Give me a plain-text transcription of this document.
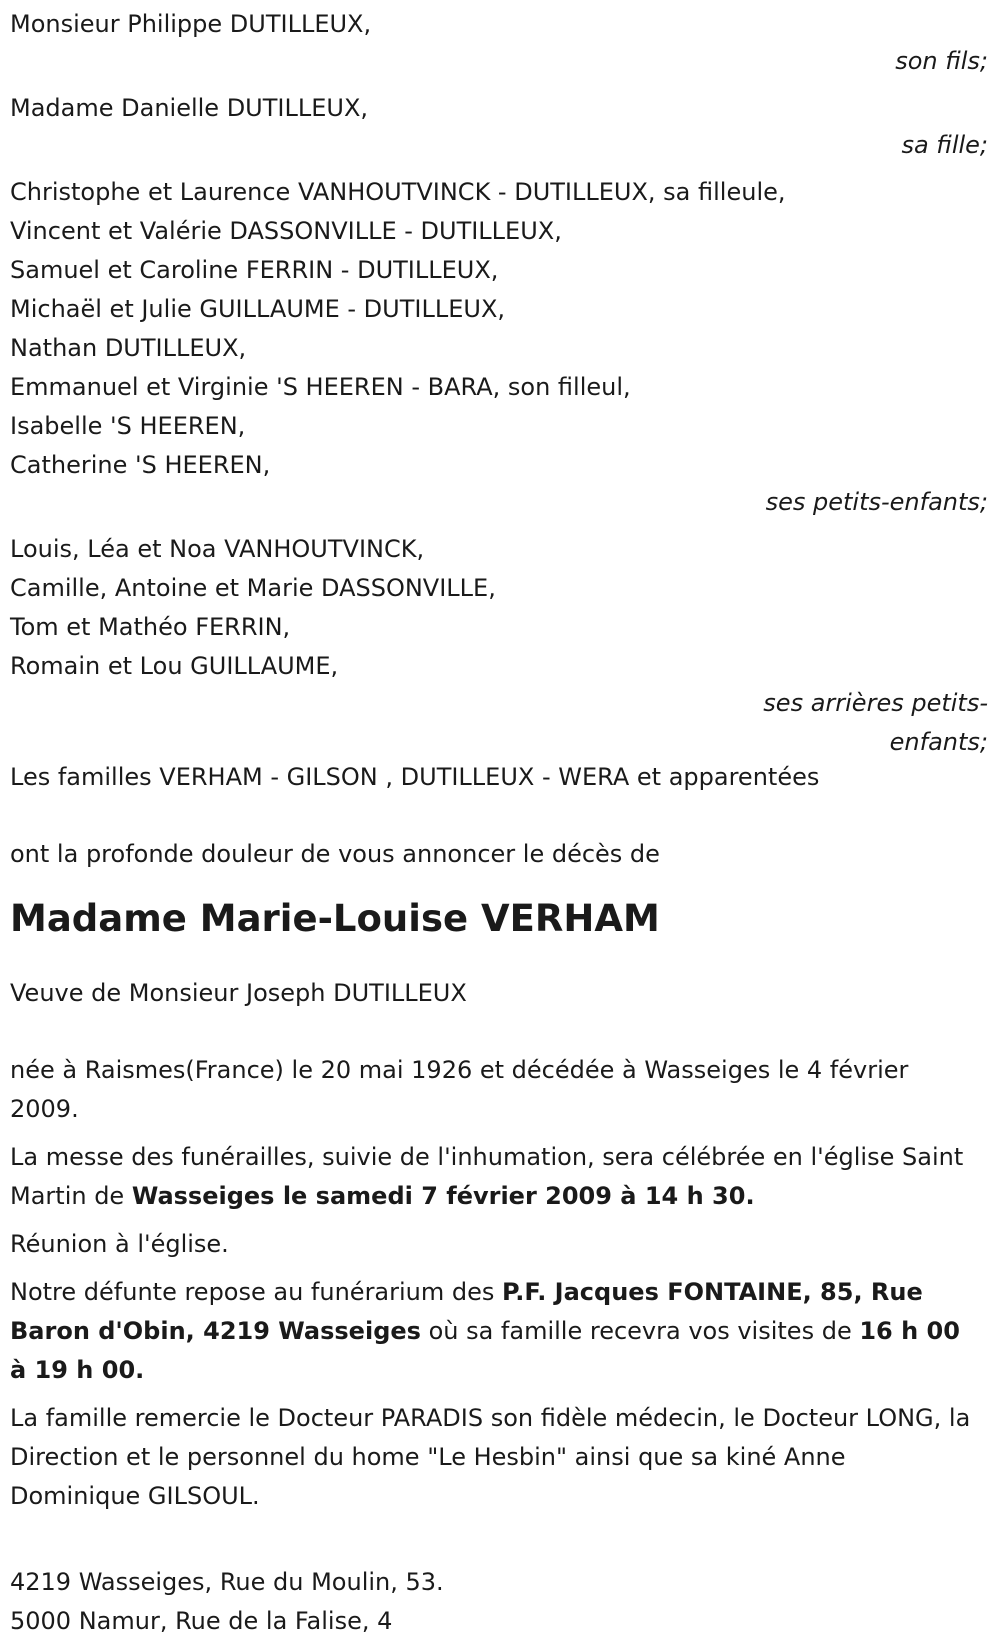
Monsieur Philippe DUTILLEUX,

son fils;

Madame Danielle DUTILLEUX,

sa fille;

Christophe et Laurence VANHOUTVINCK - DUTILLEUX, sa filleule,

Vincent et Valérie DASSONVILLE - DUTILLEUX,

Samuel et Caroline FERRIN - DUTILLEUX,

Michaël et Julie GUILLAUME - DUTILLEUX,

Nathan DUTILLEUX,

Emmanuel et Virginie 'S HEEREN - BARA, son filleul,

Isabelle 'S HEEREN,

Catherine 'S HEEREN,

ses petits-enfants;

Louis, Léa et Noa VANHOUTVINCK,

Camille, Antoine et Marie DASSONVILLE,

Tom et Mathéo FERRIN,

Romain et Lou GUILLAUME,

ses arrières petits-enfants;

Les familles VERHAM - GILSON , DUTILLEUX - WERA et apparentées

ont la profonde douleur de vous annoncer le décès de

Madame Marie-Louise VERHAM

Veuve de Monsieur Joseph DUTILLEUX

née à Raismes(France) le 20 mai 1926 et décédée à Wasseiges le 4 février 2009.

La messe des funérailles, suivie de l'inhumation, sera célébrée en l'église Saint Martin de Wasseiges le samedi 7 février 2009 à 14 h 30.

Réunion à l'église.

Notre défunte repose au funérarium des P.F. Jacques FONTAINE, 85, Rue Baron d'Obin, 4219 Wasseiges où sa famille recevra vos visites de 16 h 00 à 19 h 00.

La famille remercie le Docteur PARADIS son fidèle médecin, le Docteur LONG, la Direction et le personnel du home "Le Hesbin" ainsi que sa kiné Anne Dominique GILSOUL.

4219 Wasseiges, Rue du Moulin, 53.

5000 Namur, Rue de la Falise, 4
